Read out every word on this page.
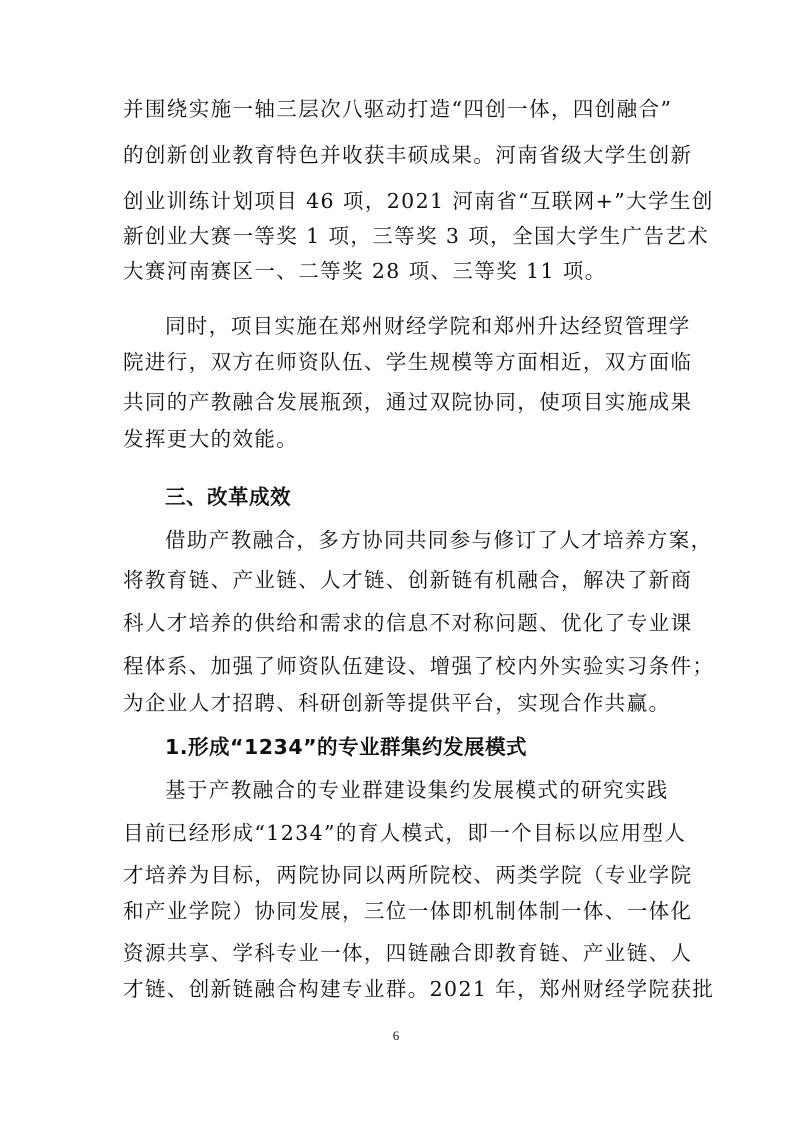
并围绕实施一轴三层次八驱动打造“四创一体，四创融合”
的创新创业教育特色并收获丰硕成果。河南省级大学生创新
创业训练计划项目 46 项，2021 河南省“互联网+”大学生创
新创业大赛一等奖 1 项，三等奖 3 项，全国大学生广告艺术
大赛河南赛区一、二等奖 28 项、三等奖 11 项。
同时，项目实施在郑州财经学院和郑州升达经贸管理学
院进行，双方在师资队伍、学生规模等方面相近，双方面临
共同的产教融合发展瓶颈，通过双院协同，使项目实施成果
发挥更大的效能。
三、改革成效
借助产教融合，多方协同共同参与修订了人才培养方案，
将教育链、产业链、人才链、创新链有机融合，解决了新商
科人才培养的供给和需求的信息不对称问题、优化了专业课
程体系、加强了师资队伍建设、增强了校内外实验实习条件；
为企业人才招聘、科研创新等提供平台，实现合作共赢。
1.形成“1234”的专业群集约发展模式
基于产教融合的专业群建设集约发展模式的研究实践
目前已经形成“1234”的育人模式，即一个目标以应用型人
才培养为目标，两院协同以两所院校、两类学院（专业学院
和产业学院）协同发展，三位一体即机制体制一体、一体化
资源共享、学科专业一体，四链融合即教育链、产业链、人
才链、创新链融合构建专业群。2021 年，郑州财经学院获批
6
